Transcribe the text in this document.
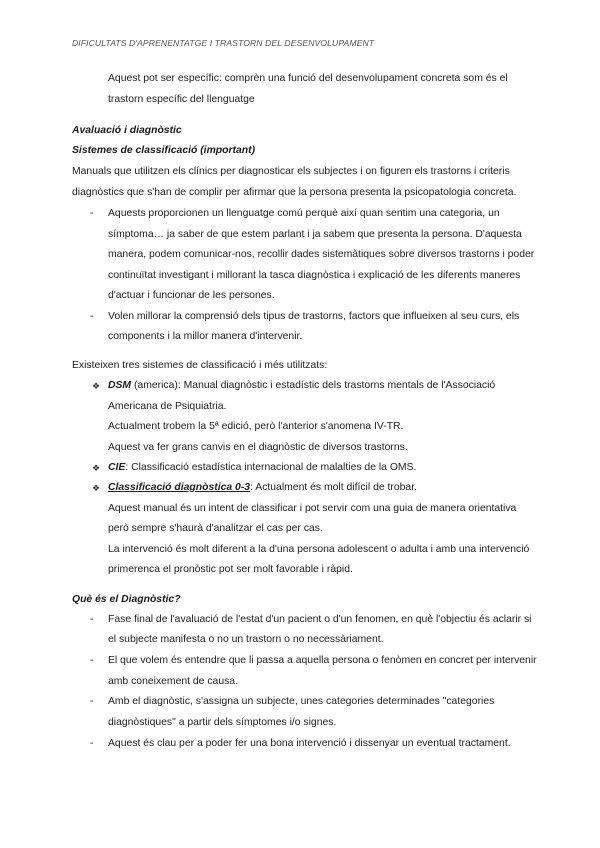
DIFICULTATS D'APRENENTATGE I TRASTORN DEL DESENVOLUPAMENT
Aquest pot ser específic: comprèn una funció del desenvolupament concreta som és el
trastorn específic del llenguatge
Avaluació i diagnòstic
Sistemes de classificació (important)
Manuals que utilitzen els clínics per diagnosticar els subjectes i on figuren els trastorns i criteris
diagnòstics que s'han de complir per afirmar que la persona presenta la psicopatologia concreta.
-	Aquests proporcionen un llenguatge comú perquè així quan sentim una categoria, un
símptoma… ja saber de que estem parlant i ja sabem que presenta la persona. D'aquesta
manera, podem comunicar-nos, recollir dades sistemàtiques sobre diversos trastorns i poder
continuïtat investigant i millorant la tasca diagnòstica i explicació de les diferents maneres
d'actuar i funcionar de les persones.
-	Volen millorar la comprensió dels tipus de trastorns, factors que influeixen al seu curs, els
components i la millor manera d'intervenir.
Existeixen tres sistemes de classificació i més utilitzats:
❖ DSM (america): Manual diagnòstic i estadístic dels trastorns mentals de l'Associació
Americana de Psiquiatria.
Actualment trobem la 5ª edició, però l'anterior s'anomena IV-TR.
Aquest va fer grans canvis en el diagnòstic de diversos trastorns.
❖ CIE: Classificació estadística internacional de malalties de la OMS.
❖ Classificació diagnòstica 0-3: Actualment és molt difícil de trobar.
Aquest manual és un intent de classificar i pot servir com una guia de manera orientativa
però sempre s'haurà d'analitzar el cas per cas.
La intervenció és molt diferent a la d'una persona adolescent o adulta i amb una intervenció
primerenca el pronòstic pot ser molt favorable i ràpid.
Què és el Diagnòstic?
-	Fase final de l'avaluació de l'estat d'un pacient o d'un fenomen, en què l'objectiu és aclarir si
el subjecte manifesta o no un trastorn o no necessàriament.
-	El que volem és entendre que li passa a aquella persona o fenòmen en concret per intervenir
amb coneixement de causa.
-	Amb el diagnòstic, s'assigna un subjecte, unes categories determinades "categories
diagnòstiques" a partir dels símptomes i/o signes.
-	Aquest és clau per a poder fer una bona intervenció i dissenyar un eventual tractament.
